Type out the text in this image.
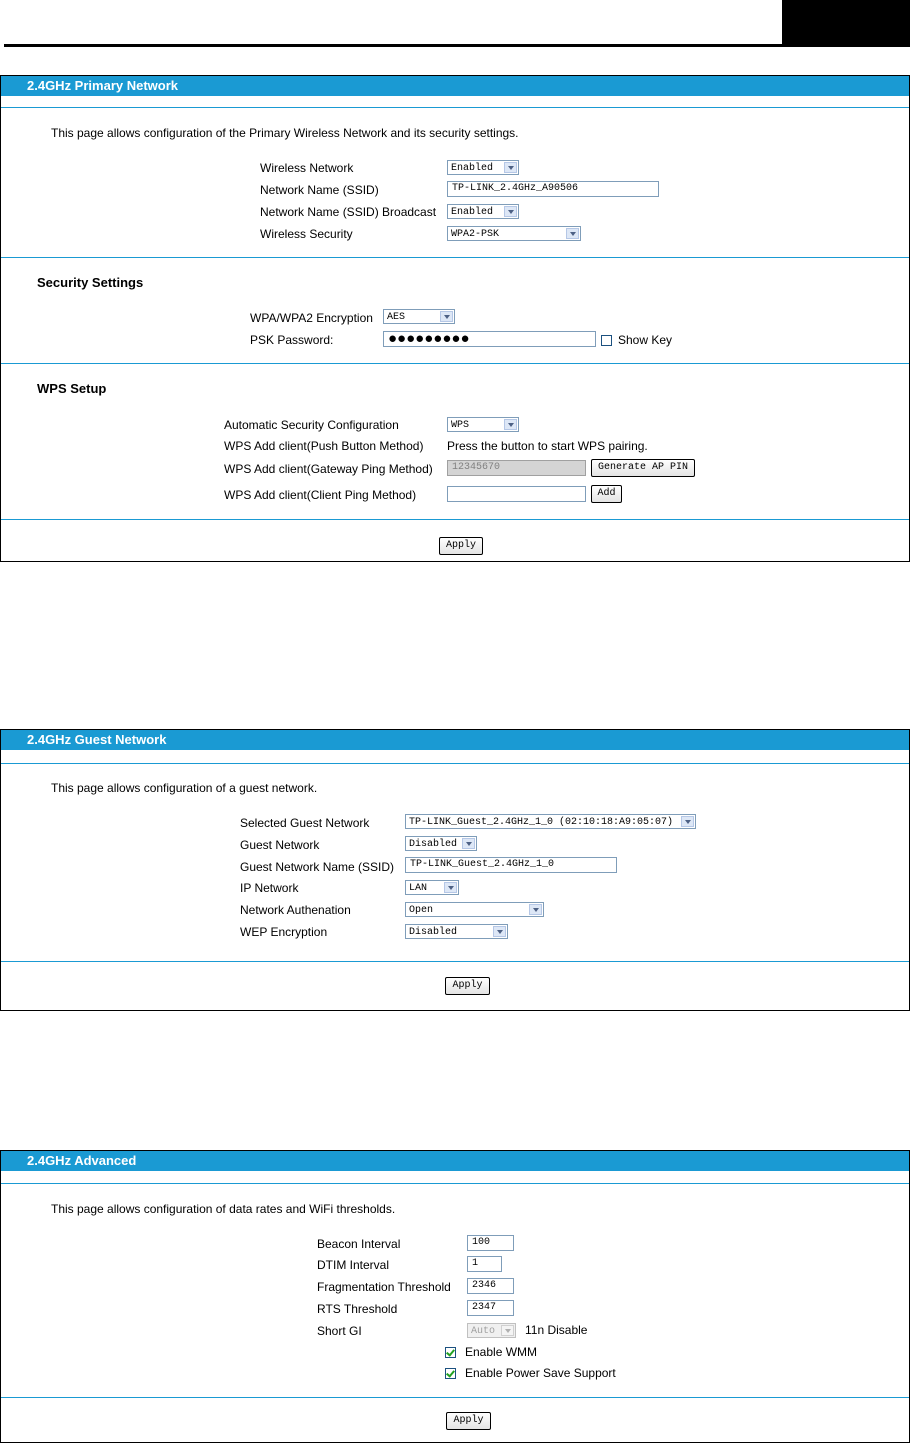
2.4GHz Primary Network
This page allows configuration of the Primary Wireless Network and its security settings.
Wireless Network	Enabled
Network Name (SSID)	TP-LINK_2.4GHz_A90506
Network Name (SSID) Broadcast	Enabled
Wireless Security	WPA2-PSK
Security Settings
WPA/WPA2 Encryption	AES
PSK Password:	●●●●●●●●●	Show Key
WPS Setup
Automatic Security Configuration	WPS
WPS Add client(Push Button Method) Press the button to start WPS pairing.
WPS Add client(Gateway Ping Method)	12345670	Generate AP PIN
WPS Add client(Client Ping Method)	Add
Apply
2.4GHz Guest Network
This page allows configuration of a guest network.
Selected Guest Network	TP-LINK_Guest_2.4GHz_1_0 (02:10:18:A9:05:07)
Guest Network	Disabled
Guest Network Name (SSID)	TP-LINK_Guest_2.4GHz_1_0
IP Network	LAN
Network Authenation	Open
WEP Encryption	Disabled
Apply
2.4GHz Advanced
This page allows configuration of data rates and WiFi thresholds.
Beacon Interval	100
DTIM Interval	1
Fragmentation Threshold	2346
RTS Threshold	2347
Short GI	Auto	11n Disable
Enable WMM
Enable Power Save Support
Apply
